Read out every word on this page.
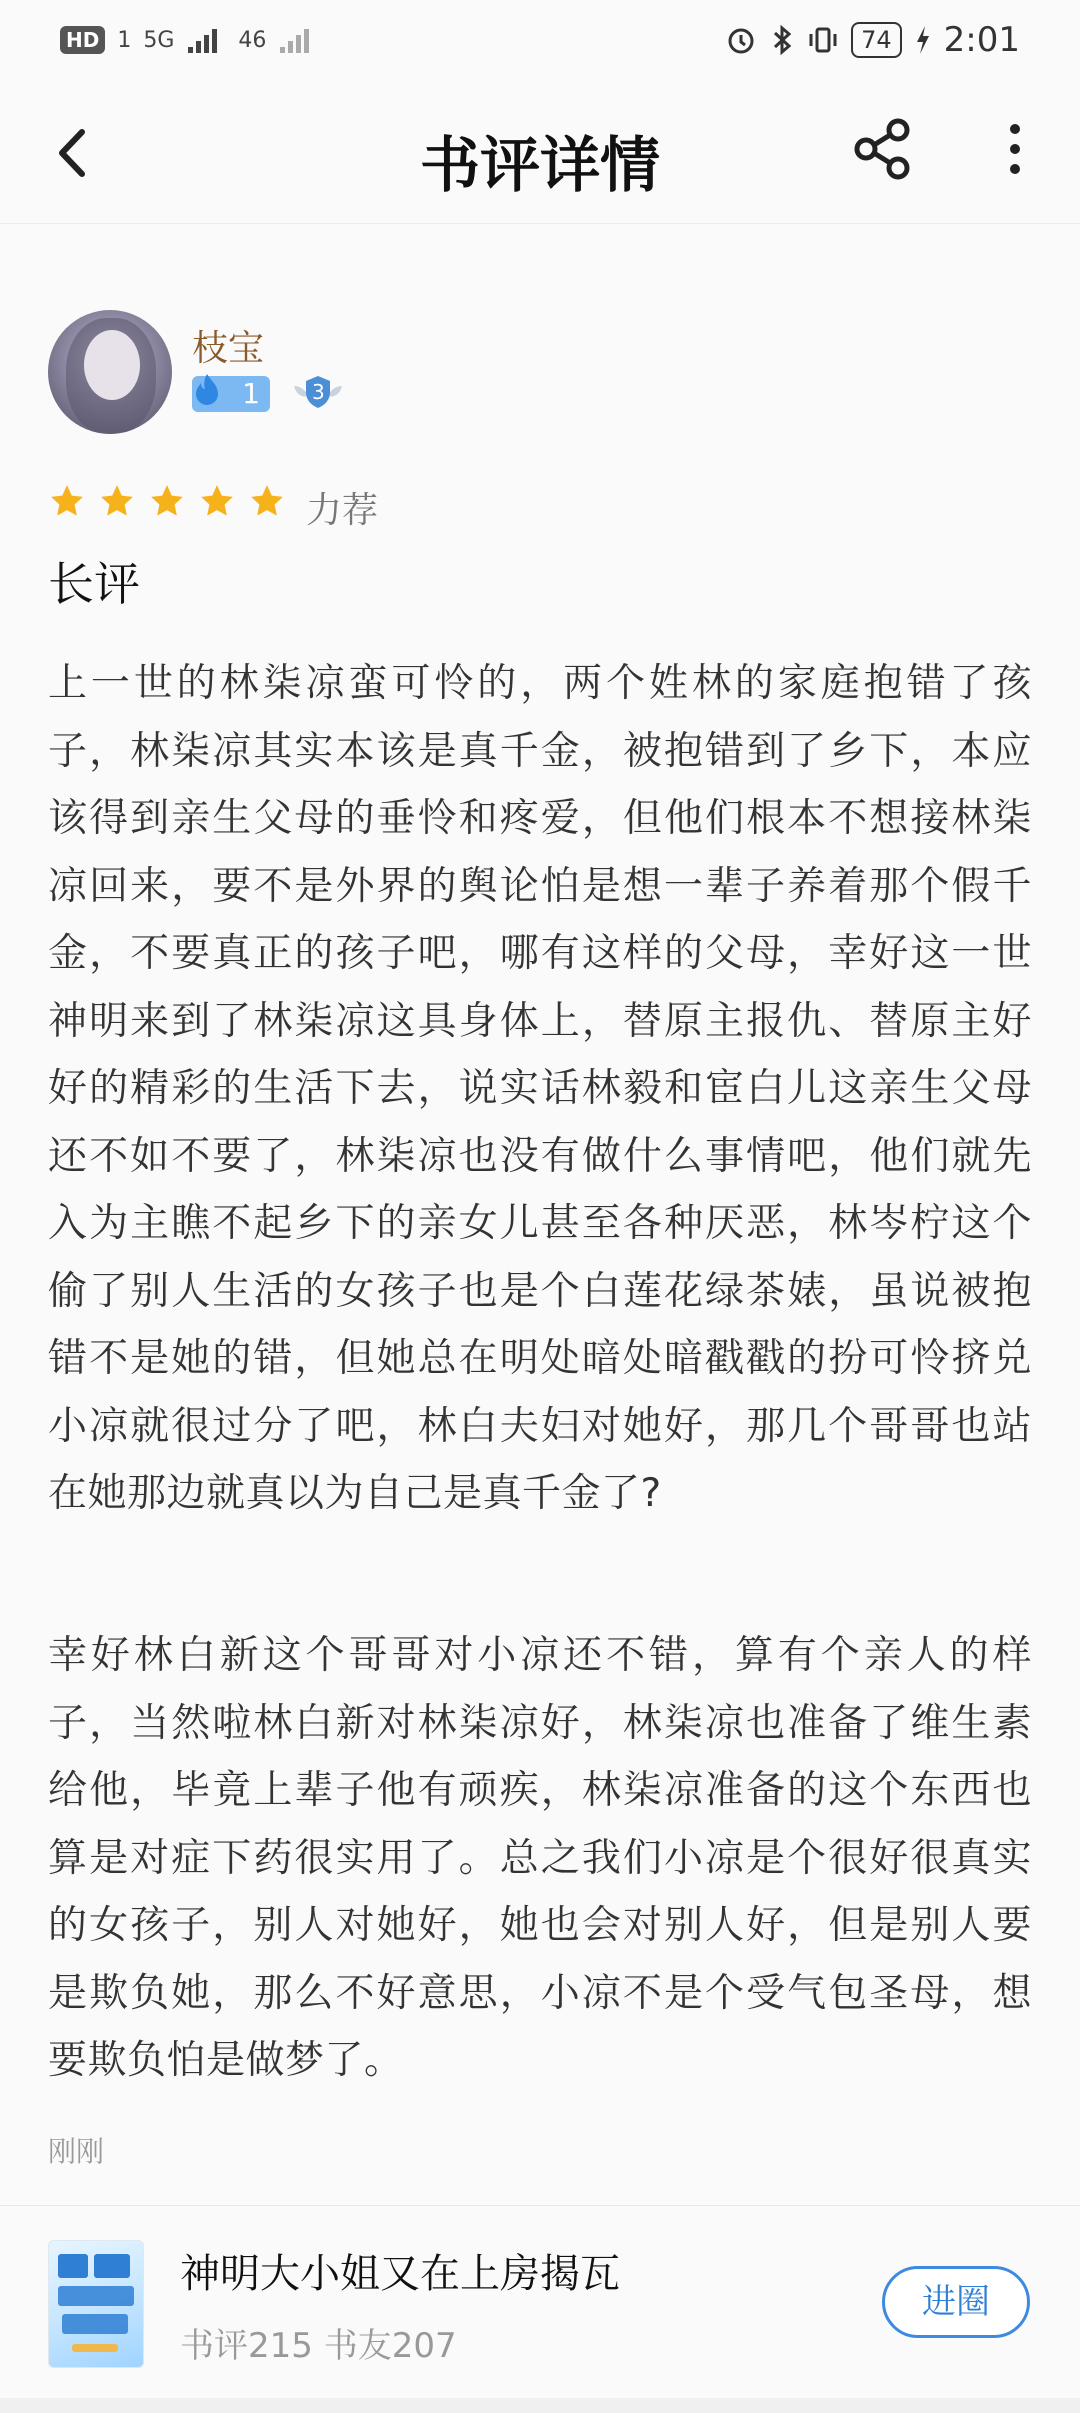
HD 1 5G	46	74 2:01
书评详情
枝宝
1	3
力荐
长评
上一世的林柒凉蛮可怜的，两个姓林的家庭抱错了孩子，林柒凉其实本该是真千金，被抱错到了乡下，本应该得到亲生父母的垂怜和疼爱，但他们根本不想接林柒凉回来，要不是外界的舆论怕是想一辈子养着那个假千金，不要真正的孩子吧，哪有这样的父母，幸好这一世神明来到了林柒凉这具身体上，替原主报仇、替原主好好的精彩的生活下去，说实话林毅和宦白儿这亲生父母还不如不要了，林柒凉也没有做什么事情吧，他们就先入为主瞧不起乡下的亲女儿甚至各种厌恶，林岑柠这个偷了别人生活的女孩子也是个白莲花绿茶婊，虽说被抱错不是她的错，但她总在明处暗处暗戳戳的扮可怜挤兑小凉就很过分了吧，林白夫妇对她好，那几个哥哥也站在她那边就真以为自己是真千金了?
幸好林白新这个哥哥对小凉还不错，算有个亲人的样子，当然啦林白新对林柒凉好，林柒凉也准备了维生素给他，毕竟上辈子他有顽疾，林柒凉准备的这个东西也算是对症下药很实用了。总之我们小凉是个很好很真实的女孩子，别人对她好，她也会对别人好，但是别人要是欺负她，那么不好意思，小凉不是个受气包圣母，想要欺负怕是做梦了。
刚刚
神明大小姐又在上房揭瓦
书评215 书友207
进圈
